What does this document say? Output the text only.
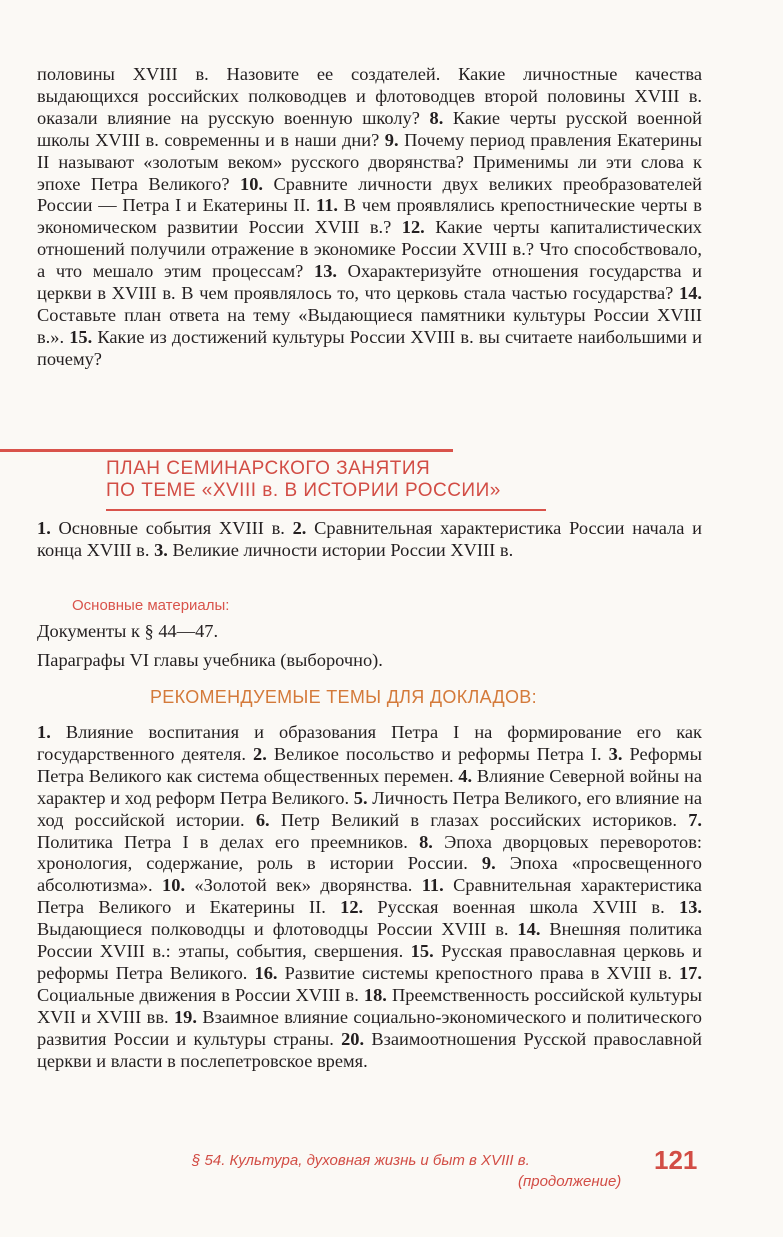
половины XVIII в. Назовите ее создателей. Какие личностные качества выдающихся российских полководцев и флотоводцев второй половины XVIII в. оказали влияние на русскую военную школу? 8. Какие черты русской военной школы XVIII в. современны и в наши дни? 9. Почему период правления Екатерины II называют «золотым веком» русского дворянства? Применимы ли эти слова к эпохе Петра Великого? 10. Сравните личности двух великих преобразователей России — Петра I и Екатерины II. 11. В чем проявлялись крепостнические черты в экономическом развитии России XVIII в.? 12. Какие черты капиталистических отношений получили отражение в экономике России XVIII в.? Что способствовало, а что мешало этим процессам? 13. Охарактеризуйте отношения государства и церкви в XVIII в. В чем проявлялось то, что церковь стала частью государства? 14. Составьте план ответа на тему «Выдающиеся памятники культуры России XVIII в.». 15. Какие из достижений культуры России XVIII в. вы считаете наибольшими и почему?

ПЛАН СЕМИНАРСКОГО ЗАНЯТИЯ
ПО ТЕМЕ «XVIII в. В ИСТОРИИ РОССИИ»

1. Основные события XVIII в. 2. Сравнительная характеристика России начала и конца XVIII в. 3. Великие личности истории России XVIII в.

Основные материалы:

Документы к § 44—47.

Параграфы VI главы учебника (выборочно).

РЕКОМЕНДУЕМЫЕ ТЕМЫ ДЛЯ ДОКЛАДОВ:

1. Влияние воспитания и образования Петра I на формирование его как государственного деятеля. 2. Великое посольство и реформы Петра I. 3. Реформы Петра Великого как система общественных перемен. 4. Влияние Северной войны на характер и ход реформ Петра Великого. 5. Личность Петра Великого, его влияние на ход российской истории. 6. Петр Великий в глазах российских историков. 7. Политика Петра I в делах его преемников. 8. Эпоха дворцовых переворотов: хронология, содержание, роль в истории России. 9. Эпоха «просвещенного абсолютизма». 10. «Золотой век» дворянства. 11. Сравнительная характеристика Петра Великого и Екатерины II. 12. Русская военная школа XVIII в. 13. Выдающиеся полководцы и флотоводцы России XVIII в. 14. Внешняя политика России XVIII в.: этапы, события, свершения. 15. Русская православная церковь и реформы Петра Великого. 16. Развитие системы крепостного права в XVIII в. 17. Социальные движения в России XVIII в. 18. Преемственность российской культуры XVII и XVIII вв. 19. Взаимное влияние социально-экономического и политического развития России и культуры страны. 20. Взаимоотношения Русской православной церкви и власти в послепетровское время.

§ 54. Культура, духовная жизнь и быт в XVIII в.	121

(продолжение)
